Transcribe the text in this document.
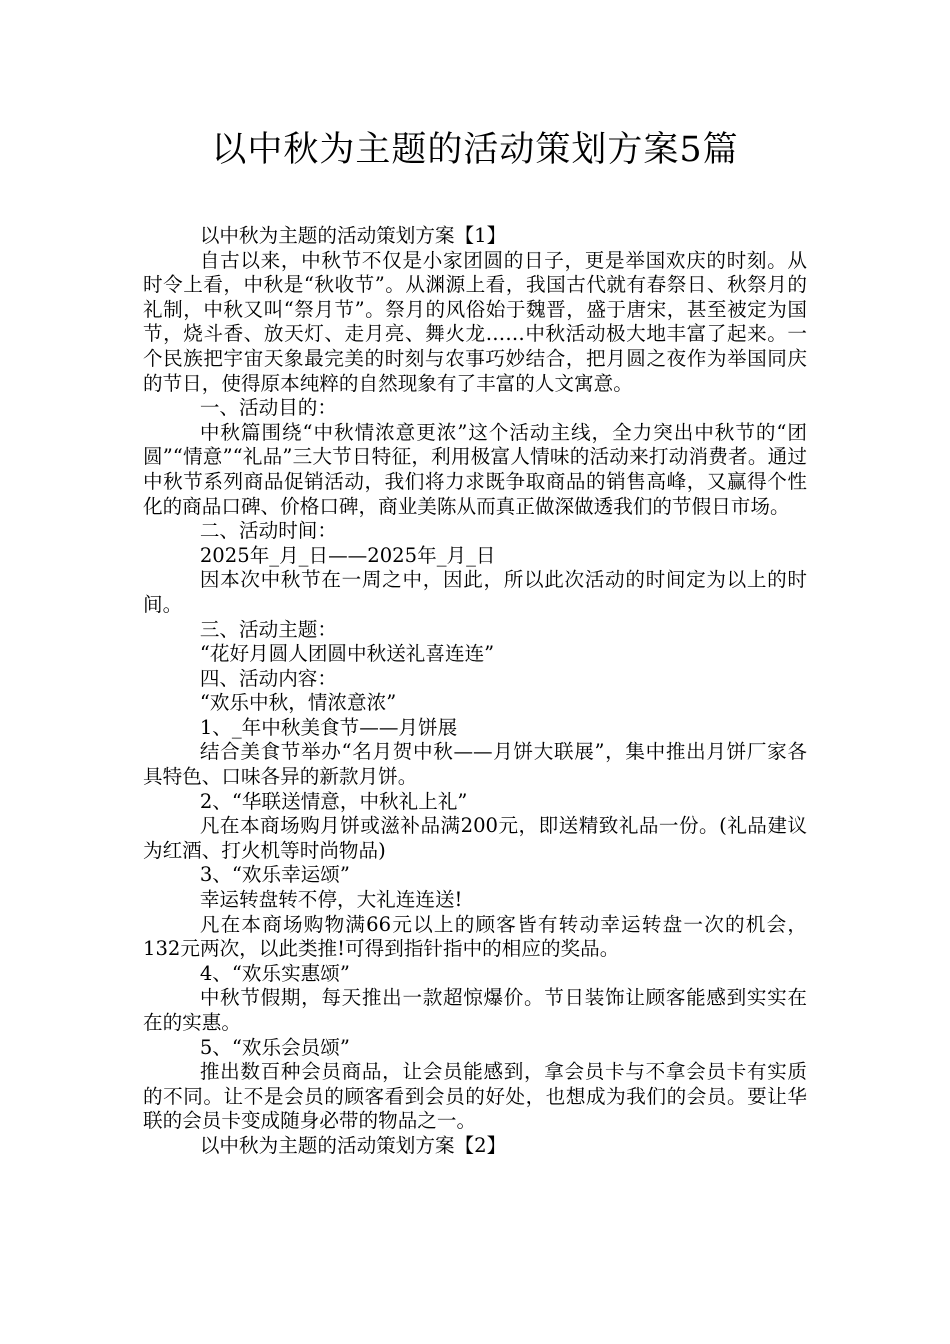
以中秋为主题的活动策划方案5篇

以中秋为主题的活动策划方案【1】

自古以来，中秋节不仅是小家团圆的日子，更是举国欢庆的时刻。从时令上看，中秋是“秋收节”。从渊源上看，我国古代就有春祭日、秋祭月的礼制，中秋又叫“祭月节”。祭月的风俗始于魏晋，盛于唐宋，甚至被定为国节，烧斗香、放天灯、走月亮、舞火龙……中秋活动极大地丰富了起来。一个民族把宇宙天象最完美的时刻与农事巧妙结合，把月圆之夜作为举国同庆的节日，使得原本纯粹的自然现象有了丰富的人文寓意。

一、活动目的：

中秋篇围绕“中秋情浓意更浓”这个活动主线，全力突出中秋节的“团圆”“情意”“礼品”三大节日特征，利用极富人情味的活动来打动消费者。通过中秋节系列商品促销活动，我们将力求既争取商品的销售高峰，又赢得个性化的商品口碑、价格口碑，商业美陈从而真正做深做透我们的节假日市场。

二、活动时间：

2025年_月_日——2025年_月_日

因本次中秋节在一周之中，因此，所以此次活动的时间定为以上的时间。

三、活动主题：

“花好月圆人团圆中秋送礼喜连连”

四、活动内容：

“欢乐中秋，情浓意浓”

1、_年中秋美食节——月饼展

结合美食节举办“名月贺中秋——月饼大联展”，集中推出月饼厂家各具特色、口味各异的新款月饼。

2、“华联送情意，中秋礼上礼”

凡在本商场购月饼或滋补品满200元，即送精致礼品一份。(礼品建议为红酒、打火机等时尚物品)

3、“欢乐幸运颂”

幸运转盘转不停，大礼连连送!

凡在本商场购物满66元以上的顾客皆有转动幸运转盘一次的机会，132元两次，以此类推!可得到指针指中的相应的奖品。

4、“欢乐实惠颂”

中秋节假期，每天推出一款超惊爆价。节日装饰让顾客能感到实实在在的实惠。

5、“欢乐会员颂”

推出数百种会员商品，让会员能感到，拿会员卡与不拿会员卡有实质的不同。让不是会员的顾客看到会员的好处，也想成为我们的会员。要让华联的会员卡变成随身必带的物品之一。

以中秋为主题的活动策划方案【2】
